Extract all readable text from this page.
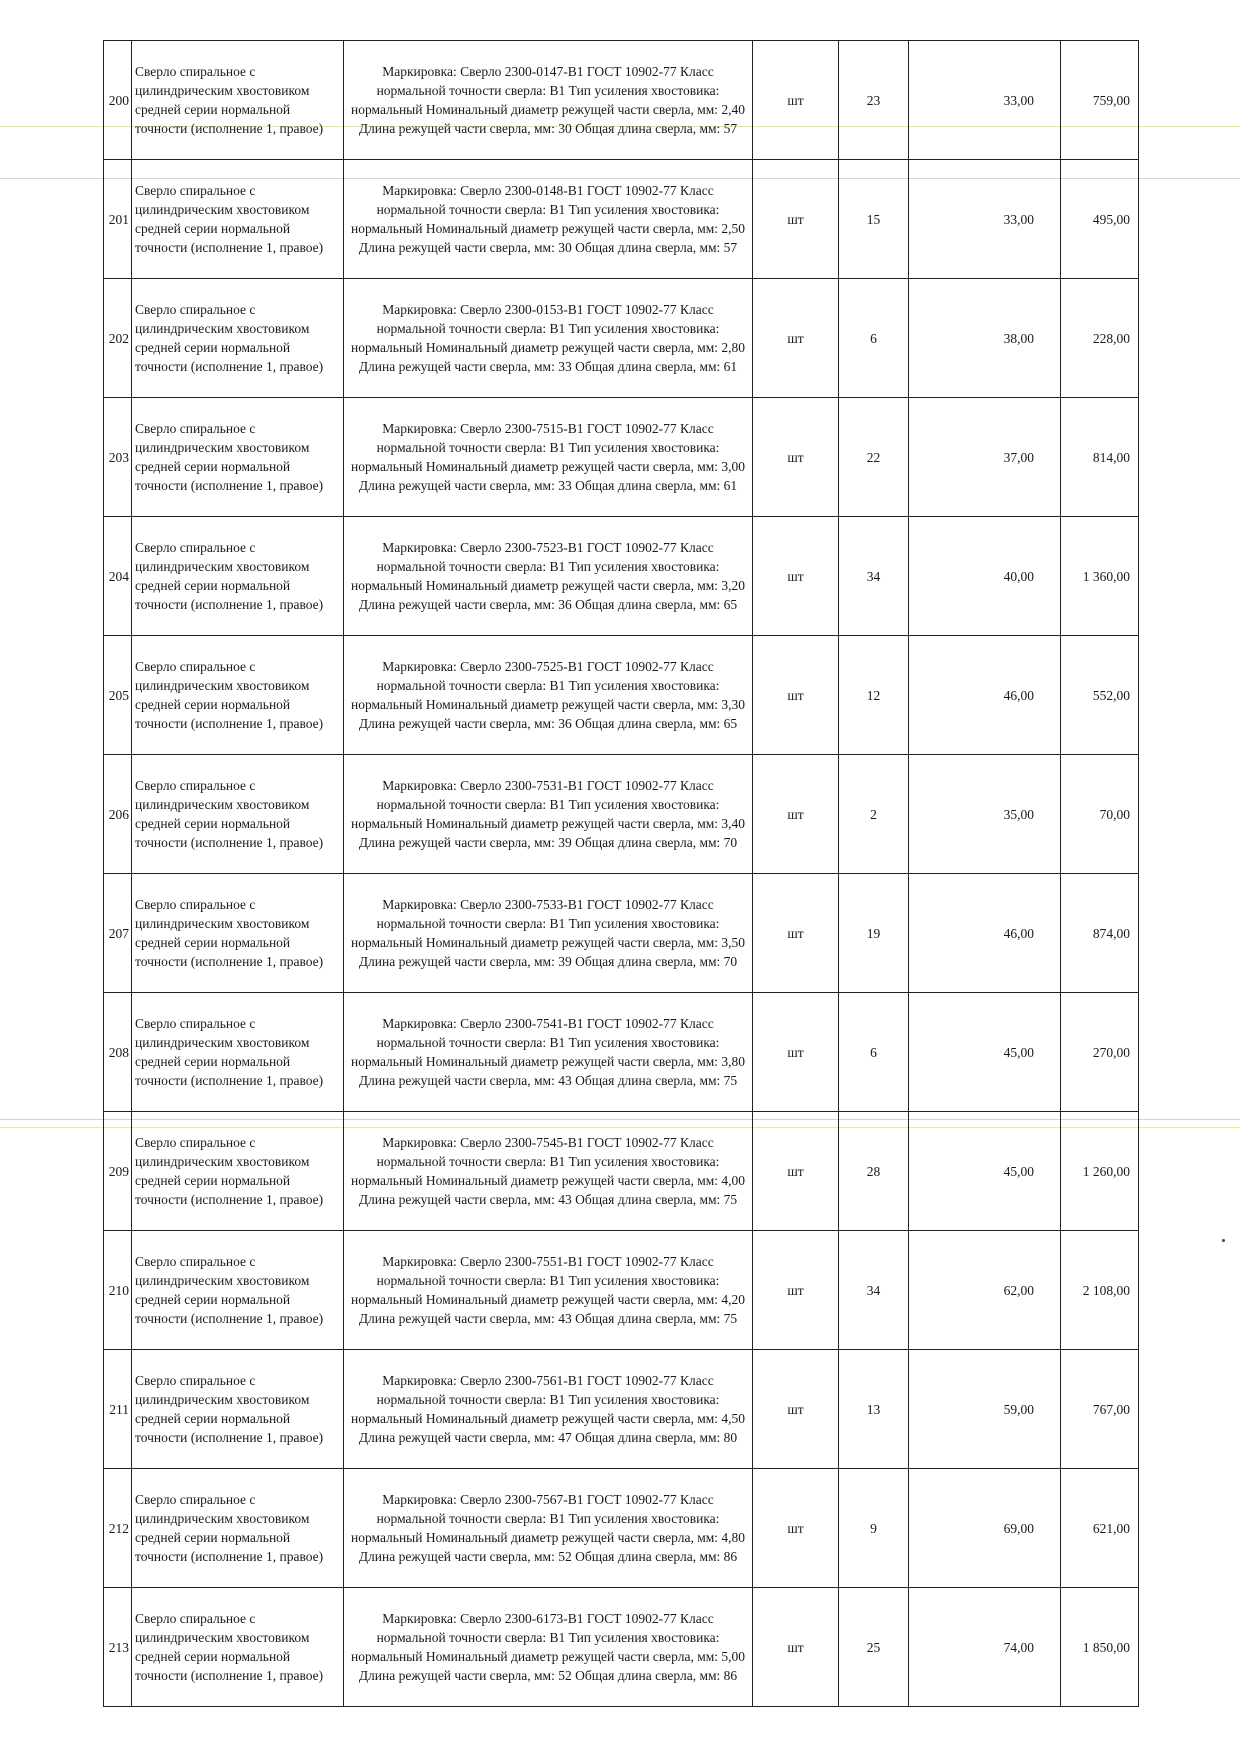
200	Сверло спиральное с цилиндрическим хвостовиком средней серии нормальной точности (исполнение 1, правое)	Маркировка: Сверло 2300-0147-В1 ГОСТ 10902-77 Класс нормальной точности сверла: В1 Тип усиления хвостовика: нормальный Номинальный диаметр режущей части сверла, мм: 2,40 Длина режущей части сверла, мм: 30 Общая длина сверла, мм: 57	шт	23	33,00	759,00
201	Сверло спиральное с цилиндрическим хвостовиком средней серии нормальной точности (исполнение 1, правое)	Маркировка: Сверло 2300-0148-В1 ГОСТ 10902-77 Класс нормальной точности сверла: В1 Тип усиления хвостовика: нормальный Номинальный диаметр режущей части сверла, мм: 2,50 Длина режущей части сверла, мм: 30 Общая длина сверла, мм: 57	шт	15	33,00	495,00
202	Сверло спиральное с цилиндрическим хвостовиком средней серии нормальной точности (исполнение 1, правое)	Маркировка: Сверло 2300-0153-В1 ГОСТ 10902-77 Класс нормальной точности сверла: В1 Тип усиления хвостовика: нормальный Номинальный диаметр режущей части сверла, мм: 2,80 Длина режущей части сверла, мм: 33 Общая длина сверла, мм: 61	шт	6	38,00	228,00
203	Сверло спиральное с цилиндрическим хвостовиком средней серии нормальной точности (исполнение 1, правое)	Маркировка: Сверло 2300-7515-В1 ГОСТ 10902-77 Класс нормальной точности сверла: В1 Тип усиления хвостовика: нормальный Номинальный диаметр режущей части сверла, мм: 3,00 Длина режущей части сверла, мм: 33 Общая длина сверла, мм: 61	шт	22	37,00	814,00
204	Сверло спиральное с цилиндрическим хвостовиком средней серии нормальной точности (исполнение 1, правое)	Маркировка: Сверло 2300-7523-В1 ГОСТ 10902-77 Класс нормальной точности сверла: В1 Тип усиления хвостовика: нормальный Номинальный диаметр режущей части сверла, мм: 3,20 Длина режущей части сверла, мм: 36 Общая длина сверла, мм: 65	шт	34	40,00	1 360,00
205	Сверло спиральное с цилиндрическим хвостовиком средней серии нормальной точности (исполнение 1, правое)	Маркировка: Сверло 2300-7525-В1 ГОСТ 10902-77 Класс нормальной точности сверла: В1 Тип усиления хвостовика: нормальный Номинальный диаметр режущей части сверла, мм: 3,30 Длина режущей части сверла, мм: 36 Общая длина сверла, мм: 65	шт	12	46,00	552,00
206	Сверло спиральное с цилиндрическим хвостовиком средней серии нормальной точности (исполнение 1, правое)	Маркировка: Сверло 2300-7531-В1 ГОСТ 10902-77 Класс нормальной точности сверла: В1 Тип усиления хвостовика: нормальный Номинальный диаметр режущей части сверла, мм: 3,40 Длина режущей части сверла, мм: 39 Общая длина сверла, мм: 70	шт	2	35,00	70,00
207	Сверло спиральное с цилиндрическим хвостовиком средней серии нормальной точности (исполнение 1, правое)	Маркировка: Сверло 2300-7533-В1 ГОСТ 10902-77 Класс нормальной точности сверла: В1 Тип усиления хвостовика: нормальный Номинальный диаметр режущей части сверла, мм: 3,50 Длина режущей части сверла, мм: 39 Общая длина сверла, мм: 70	шт	19	46,00	874,00
208	Сверло спиральное с цилиндрическим хвостовиком средней серии нормальной точности (исполнение 1, правое)	Маркировка: Сверло 2300-7541-В1 ГОСТ 10902-77 Класс нормальной точности сверла: В1 Тип усиления хвостовика: нормальный Номинальный диаметр режущей части сверла, мм: 3,80 Длина режущей части сверла, мм: 43 Общая длина сверла, мм: 75	шт	6	45,00	270,00
209	Сверло спиральное с цилиндрическим хвостовиком средней серии нормальной точности (исполнение 1, правое)	Маркировка: Сверло 2300-7545-В1 ГОСТ 10902-77 Класс нормальной точности сверла: В1 Тип усиления хвостовика: нормальный Номинальный диаметр режущей части сверла, мм: 4,00 Длина режущей части сверла, мм: 43 Общая длина сверла, мм: 75	шт	28	45,00	1 260,00
210	Сверло спиральное с цилиндрическим хвостовиком средней серии нормальной точности (исполнение 1, правое)	Маркировка: Сверло 2300-7551-В1 ГОСТ 10902-77 Класс нормальной точности сверла: В1 Тип усиления хвостовика: нормальный Номинальный диаметр режущей части сверла, мм: 4,20 Длина режущей части сверла, мм: 43 Общая длина сверла, мм: 75	шт	34	62,00	2 108,00
211	Сверло спиральное с цилиндрическим хвостовиком средней серии нормальной точности (исполнение 1, правое)	Маркировка: Сверло 2300-7561-В1 ГОСТ 10902-77 Класс нормальной точности сверла: В1 Тип усиления хвостовика: нормальный Номинальный диаметр режущей части сверла, мм: 4,50 Длина режущей части сверла, мм: 47 Общая длина сверла, мм: 80	шт	13	59,00	767,00
212	Сверло спиральное с цилиндрическим хвостовиком средней серии нормальной точности (исполнение 1, правое)	Маркировка: Сверло 2300-7567-В1 ГОСТ 10902-77 Класс нормальной точности сверла: В1 Тип усиления хвостовика: нормальный Номинальный диаметр режущей части сверла, мм: 4,80 Длина режущей части сверла, мм: 52 Общая длина сверла, мм: 86	шт	9	69,00	621,00
213	Сверло спиральное с цилиндрическим хвостовиком средней серии нормальной точности (исполнение 1, правое)	Маркировка: Сверло 2300-6173-В1 ГОСТ 10902-77 Класс нормальной точности сверла: В1 Тип усиления хвостовика: нормальный Номинальный диаметр режущей части сверла, мм: 5,00 Длина режущей части сверла, мм: 52 Общая длина сверла, мм: 86	шт	25	74,00	1 850,00
